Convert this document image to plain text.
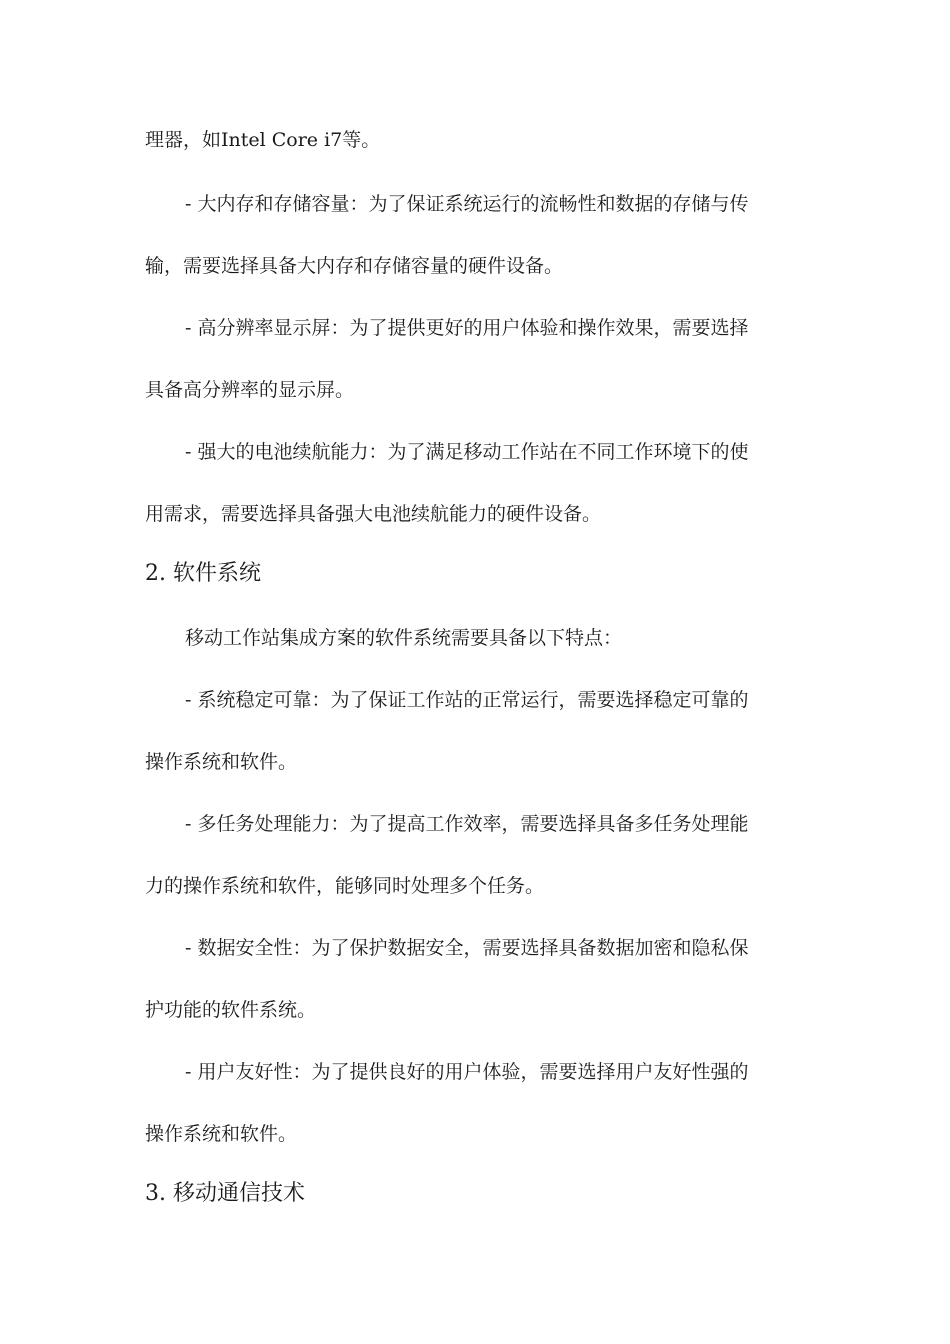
理器，如Intel Core i7等。
- 大内存和存储容量：为了保证系统运行的流畅性和数据的存储与传
输，需要选择具备大内存和存储容量的硬件设备。
- 高分辨率显示屏：为了提供更好的用户体验和操作效果，需要选择
具备高分辨率的显示屏。
- 强大的电池续航能力：为了满足移动工作站在不同工作环境下的使
用需求，需要选择具备强大电池续航能力的硬件设备。
2. 软件系统
移动工作站集成方案的软件系统需要具备以下特点：
- 系统稳定可靠：为了保证工作站的正常运行，需要选择稳定可靠的
操作系统和软件。
- 多任务处理能力：为了提高工作效率，需要选择具备多任务处理能
力的操作系统和软件，能够同时处理多个任务。
- 数据安全性：为了保护数据安全，需要选择具备数据加密和隐私保
护功能的软件系统。
- 用户友好性：为了提供良好的用户体验，需要选择用户友好性强的
操作系统和软件。
3. 移动通信技术
